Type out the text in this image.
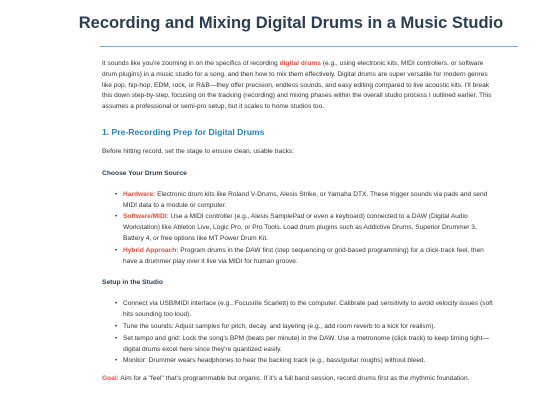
Recording and Mixing Digital Drums in a Music Studio

It sounds like you're zooming in on the specifics of recording digital drums (e.g., using electronic kits, MIDI controllers, or software drum plugins) in a music studio for a song, and then how to mix them effectively. Digital drums are super versatile for modern genres like pop, hip-hop, EDM, rock, or R&B—they offer precision, endless sounds, and easy editing compared to live acoustic kits. I'll break this down step-by-step, focusing on the tracking (recording) and mixing phases within the overall studio process I outlined earlier. This assumes a professional or semi-pro setup, but it scales to home studios too.

1. Pre-Recording Prep for Digital Drums

Before hitting record, set the stage to ensure clean, usable tracks:

Choose Your Drum Source
• Hardware: Electronic drum kits like Roland V-Drums, Alesis Strike, or Yamaha DTX. These trigger sounds via pads and send MIDI data to a module or computer.
• Software/MIDI: Use a MIDI controller (e.g., Alesis SamplePad or even a keyboard) connected to a DAW (Digital Audio Workstation) like Ableton Live, Logic Pro, or Pro Tools. Load drum plugins such as Addictive Drums, Superior Drummer 3, Battery 4, or free options like MT Power Drum Kit.
• Hybrid Approach: Program drums in the DAW first (step sequencing or grid-based programming) for a click-track feel, then have a drummer play over it live via MIDI for human groove.
Setup in the Studio
• Connect via USB/MIDI interface (e.g., Focusrite Scarlett) to the computer. Calibrate pad sensitivity to avoid velocity issues (soft hits sounding too loud).
• Tune the sounds: Adjust samples for pitch, decay, and layering (e.g., add room reverb to a kick for realism).
• Set tempo and grid: Lock the song's BPM (beats per minute) in the DAW. Use a metronome (click track) to keep timing tight—digital drums excel here since they're quantized easily.
• Monitor: Drummer wears headphones to hear the backing track (e.g., bass/guitar roughs) without bleed.

Goal: Aim for a "feel" that's programmable but organic. If it's a full band session, record drums first as the rhythmic foundation.
